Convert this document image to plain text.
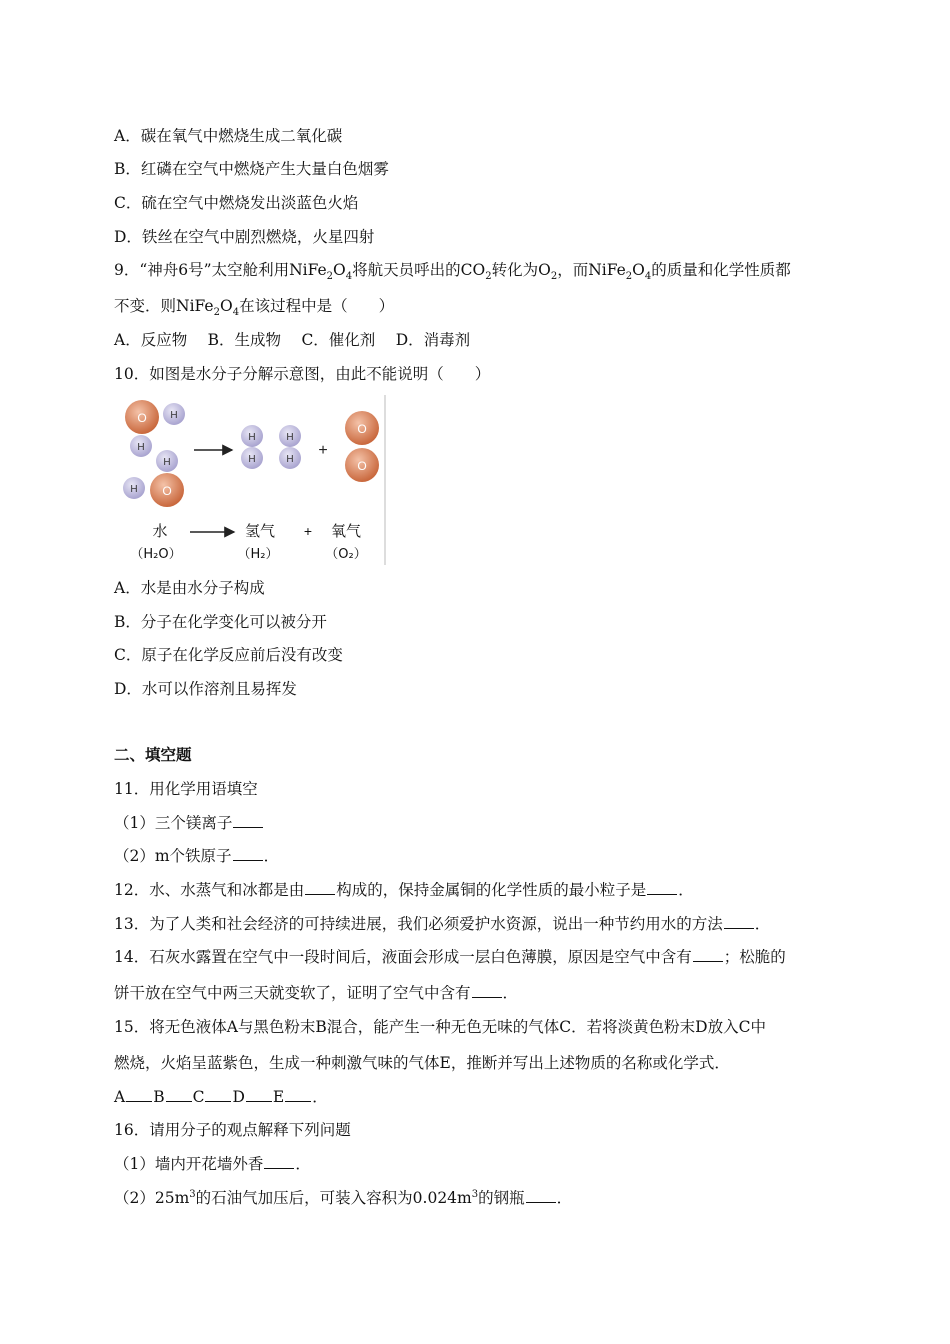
A．碳在氧气中燃烧生成二氧化碳
B．红磷在空气中燃烧产生大量白色烟雾
C．硫在空气中燃烧发出淡蓝色火焰
D．铁丝在空气中剧烈燃烧，火星四射
9．“神舟6号”太空舱利用$NiFe_2O_4$将航天员呼出的$CO_2$转化为$O_2$，而$NiFe_2O_4$的质量和化学性质都
不变．则$NiFe_2O_4$在该过程中是（　　）
A．反应物　 B．生成物　 C．催化剂　 D．消毒剂
10．如图是水分子分解示意图，由此不能说明（　　）
O H
H
H
H O
H
H
H
H
+
O
O
水	氢气 + 氧气
（H₂O）	（H₂）	（O₂）
A．水是由水分子构成
B．分子在化学变化可以被分开
C．原子在化学反应前后没有改变
D．水可以作溶剂且易挥发
二、填空题
11．用化学用语填空
（1）三个镁离子
（2）m个铁原子 ．
12．水、水蒸气和冰都是由 构成的，保持金属铜的化学性质的最小粒子是 ．
13．为了人类和社会经济的可持续进展，我们必须爱护水资源，说出一种节约用水的方法 ．
14．石灰水露置在空气中一段时间后，液面会形成一层白色薄膜，原因是空气中含有 ；松脆的
饼干放在空气中两三天就变软了，证明了空气中含有 ．
15．将无色液体A与黑色粉末B混合，能产生一种无色无味的气体C．若将淡黄色粉末D放入C中
燃烧，火焰呈蓝紫色，生成一种刺激气味的气体E，推断并写出上述物质的名称或化学式．
A B C D E ．
16．请用分子的观点解释下列问题
（1）墙内开花墙外香 ．
$(2)25m^3$的石油气加压后，可装入容积为$0.024m^3$的钢瓶 ．
